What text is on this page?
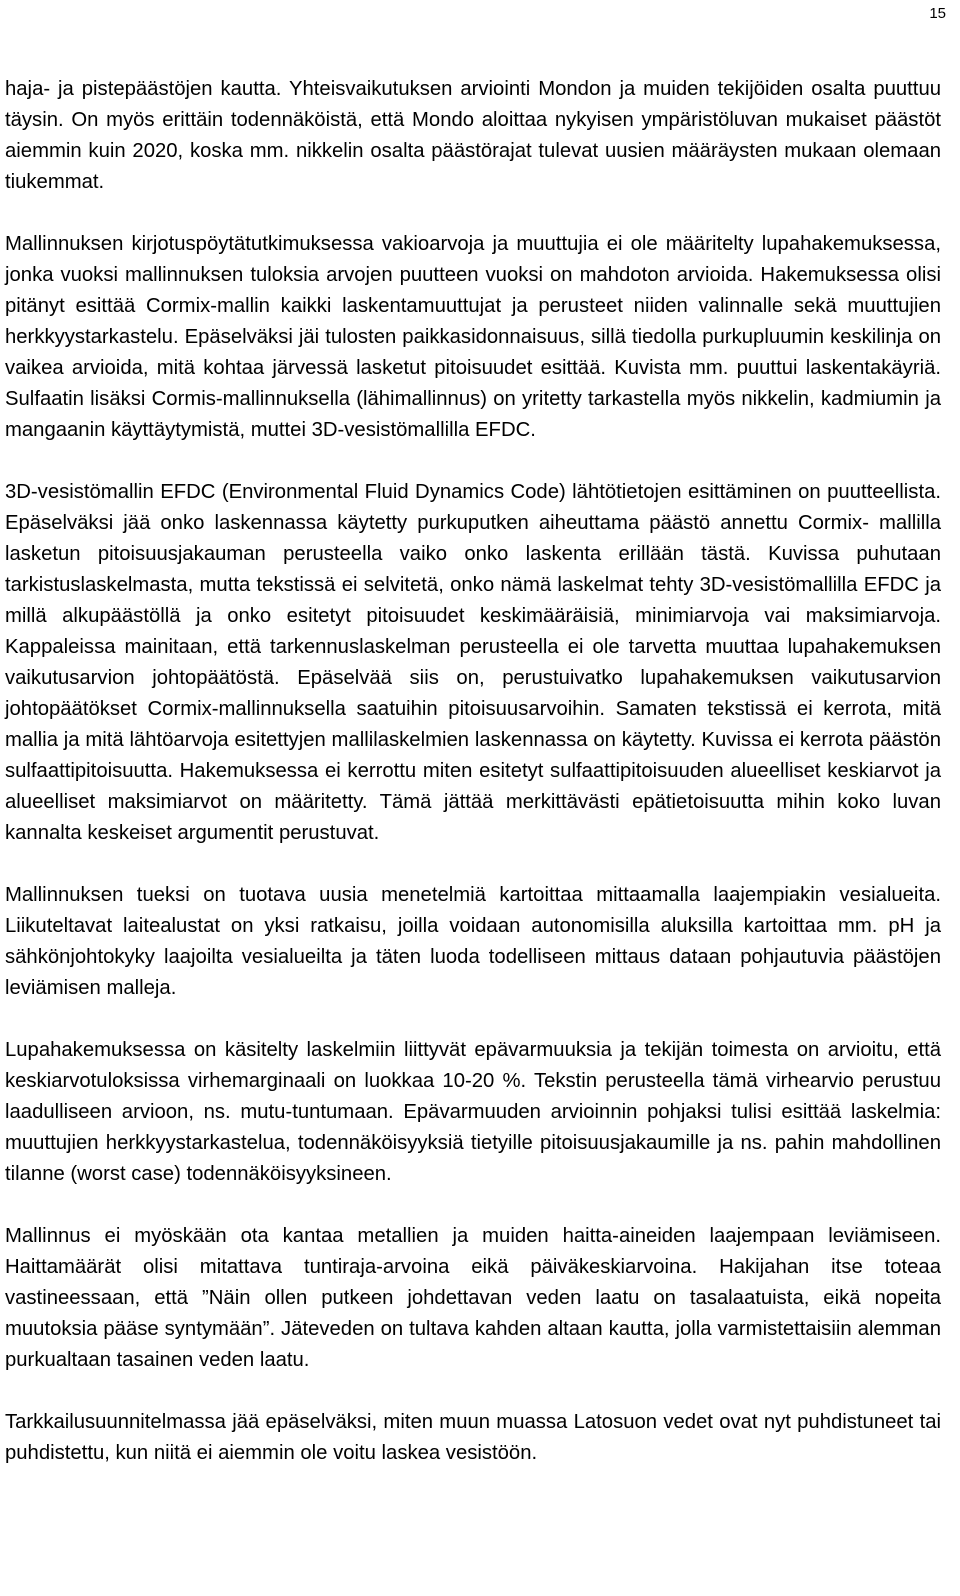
15

haja- ja pistepäästöjen kautta. Yhteisvaikutuksen arviointi Mondon ja muiden tekijöiden osalta puuttuu täysin. On myös erittäin todennäköistä, että Mondo aloittaa nykyisen ympäristöluvan mukaiset päästöt aiemmin kuin 2020, koska mm. nikkelin osalta päästörajat tulevat uusien määräysten mukaan olemaan tiukemmat.

Mallinnuksen kirjotuspöytätutkimuksessa vakioarvoja ja muuttujia ei ole määritelty lupahakemuksessa, jonka vuoksi mallinnuksen tuloksia arvojen puutteen vuoksi on mahdoton arvioida. Hakemuksessa olisi pitänyt esittää Cormix-mallin kaikki laskentamuuttujat ja perusteet niiden valinnalle sekä muuttujien herkkyystarkastelu. Epäselväksi jäi tulosten paikkasidonnaisuus, sillä tiedolla purkupluumin keskilinja on vaikea arvioida, mitä kohtaa järvessä lasketut pitoisuudet esittää. Kuvista mm. puuttui laskentakäyriä. Sulfaatin lisäksi Cormis-mallinnuksella (lähimallinnus) on yritetty tarkastella myös nikkelin, kadmiumin ja mangaanin käyttäytymistä, muttei 3D-vesistömallilla EFDC.

3D-vesistömallin EFDC (Environmental Fluid Dynamics Code) lähtötietojen esittäminen on puutteellista. Epäselväksi jää onko laskennassa käytetty purkuputken aiheuttama päästö annettu Cormix- mallilla lasketun pitoisuusjakauman perusteella vaiko onko laskenta erillään tästä. Kuvissa puhutaan tarkistuslaskelmasta, mutta tekstissä ei selvitetä, onko nämä laskelmat tehty 3D-vesistömallilla EFDC ja millä alkupäästöllä ja onko esitetyt pitoisuudet keskimääräisiä, minimiarvoja vai maksimiarvoja. Kappaleissa mainitaan, että tarkennuslaskelman perusteella ei ole tarvetta muuttaa lupahakemuksen vaikutusarvion johtopäätöstä. Epäselvää siis on, perustuivatko lupahakemuksen vaikutusarvion johtopäätökset Cormix-mallinnuksella saatuihin pitoisuusarvoihin. Samaten tekstissä ei kerrota, mitä mallia ja mitä lähtöarvoja esitettyjen mallilaskelmien laskennassa on käytetty. Kuvissa ei kerrota päästön sulfaattipitoisuutta. Hakemuksessa ei kerrottu miten esitetyt sulfaattipitoisuuden alueelliset keskiarvot ja alueelliset maksimiarvot on määritetty. Tämä jättää merkittävästi epätietoisuutta mihin koko luvan kannalta keskeiset argumentit perustuvat.

Mallinnuksen tueksi on tuotava uusia menetelmiä kartoittaa mittaamalla laajempiakin vesialueita. Liikuteltavat laitealustat on yksi ratkaisu, joilla voidaan autonomisilla aluksilla kartoittaa mm. pH ja sähkönjohtokyky laajoilta vesialueilta ja täten luoda todelliseen mittaus dataan pohjautuvia päästöjen leviämisen malleja.

Lupahakemuksessa on käsitelty laskelmiin liittyvät epävarmuuksia ja tekijän toimesta on arvioitu, että keskiarvotuloksissa virhemarginaali on luokkaa 10-20 %. Tekstin perusteella tämä virhearvio perustuu laadulliseen arvioon, ns. mutu-tuntumaan. Epävarmuuden arvioinnin pohjaksi tulisi esittää laskelmia: muuttujien herkkyystarkastelua, todennäköisyyksiä tietyille pitoisuusjakaumille ja ns. pahin mahdollinen tilanne (worst case) todennäköisyyksineen.

Mallinnus ei myöskään ota kantaa metallien ja muiden haitta-aineiden laajempaan leviämiseen. Haittamäärät olisi mitattava tuntiraja-arvoina eikä päiväkeskiarvoina. Hakijahan itse toteaa vastineessaan, että ”Näin ollen putkeen johdettavan veden laatu on tasalaatuista, eikä nopeita muutoksia pääse syntymään”. Jäteveden on tultava kahden altaan kautta, jolla varmistettaisiin alemman purkualtaan tasainen veden laatu.

Tarkkailusuunnitelmassa jää epäselväksi, miten muun muassa Latosuon vedet ovat nyt puhdistuneet tai puhdistettu, kun niitä ei aiemmin ole voitu laskea vesistöön.
